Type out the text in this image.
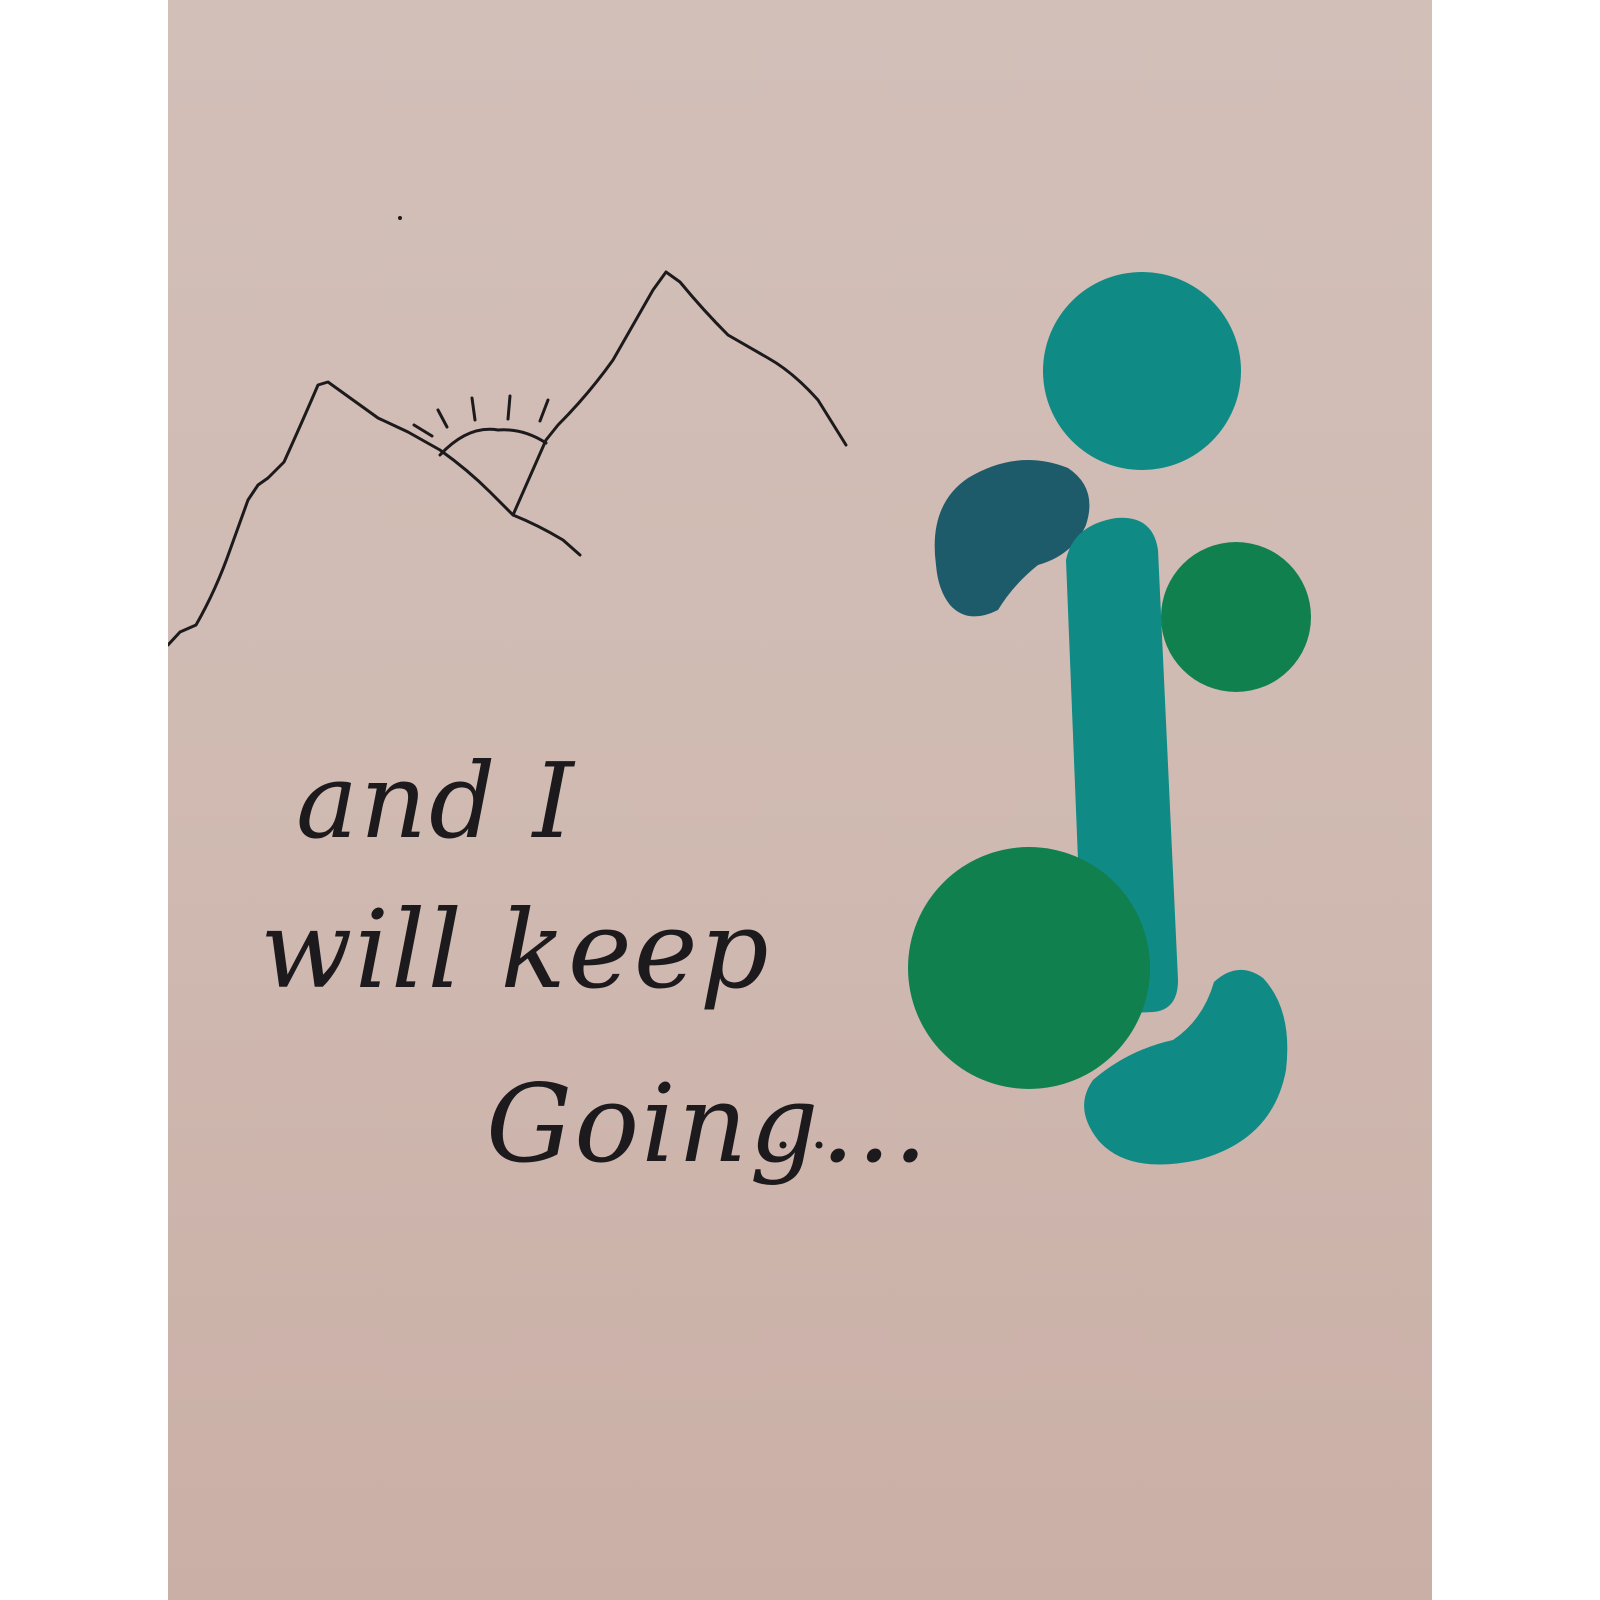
and I
will keep
Going...
